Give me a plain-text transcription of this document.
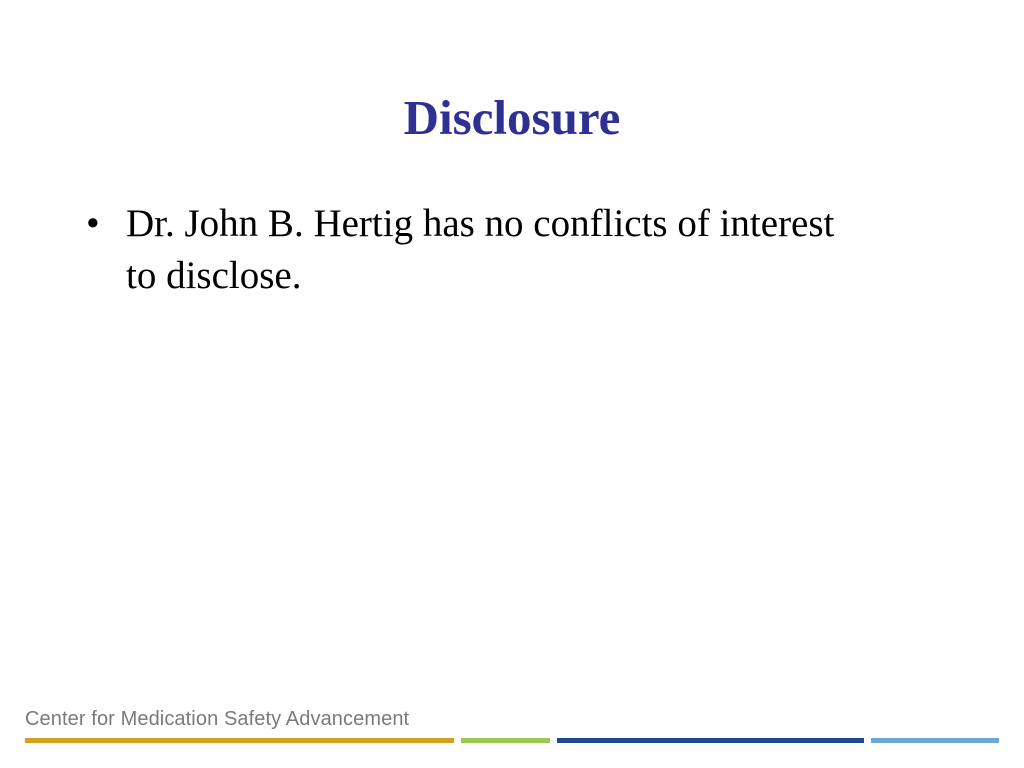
Disclosure
• Dr. John B. Hertig has no conflicts of interest
to disclose.
Center for Medication Safety Advancement
